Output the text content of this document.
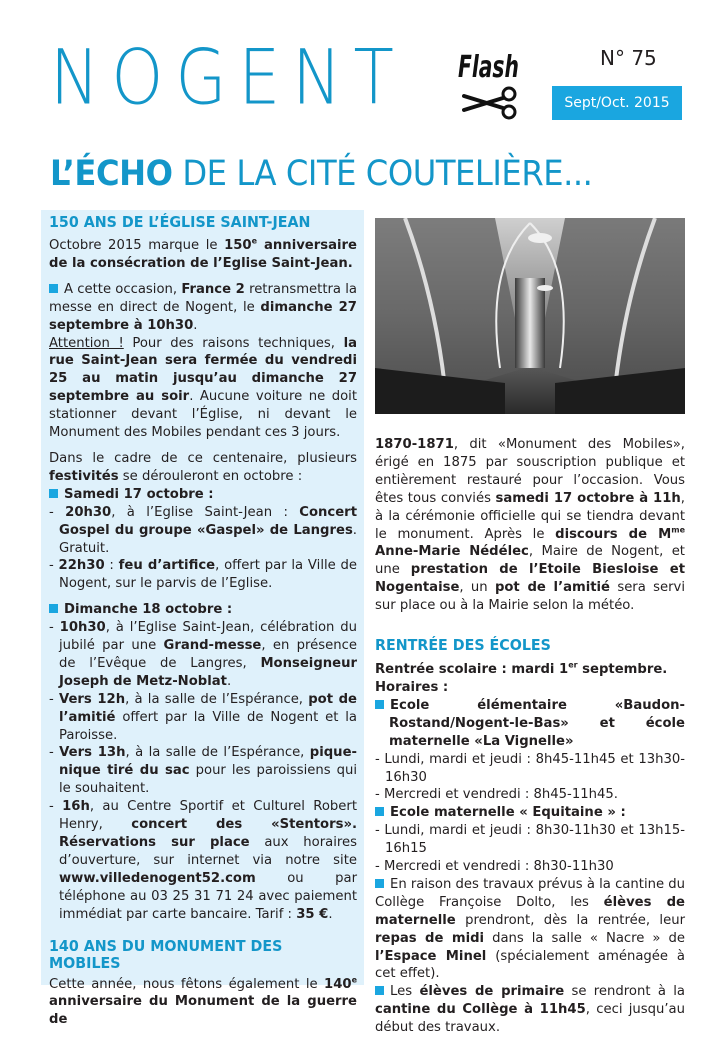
NOGENT Flash	N° 75
Sept/Oct. 2015
L’ÉCHO DE LA CITÉ COUTELIÈRE...
150 ANS DE L’ÉGLISE SAINT-JEAN

Octobre 2015 marque le 150e anniversaire de la consécration de l’Eglise Saint-Jean.

A cette occasion, France 2 retransmettra la messe en direct de Nogent, le dimanche 27 septembre à 10h30.

Attention ! Pour des raisons techniques, la rue Saint-Jean sera fermée du vendredi 25 au matin jusqu’au dimanche 27 septembre au soir. Aucune voiture ne doit stationner devant l’Église, ni devant le Monument des Mobiles pendant ces 3 jours.

Dans le cadre de ce centenaire, plusieurs festivités se dérouleront en octobre :

Samedi 17 octobre :

- 20h30, à l’Eglise Saint-Jean : Concert Gospel du groupe «Gaspel» de Langres. Gratuit.

- 22h30 : feu d’artifice, offert par la Ville de Nogent, sur le parvis de l’Eglise.

Dimanche 18 octobre :

- 10h30, à l’Eglise Saint-Jean, célébration du jubilé par une Grand-messe, en présence de l’Evêque de Langres, Monseigneur Joseph de Metz-Noblat.

- Vers 12h, à la salle de l’Espérance, pot de l’amitié offert par la Ville de Nogent et la Paroisse.

- Vers 13h, à la salle de l’Espérance, pique-nique tiré du sac pour les paroissiens qui le souhaitent.

- 16h, au Centre Sportif et Culturel Robert Henry, concert des «Stentors». Réservations sur place aux horaires d’ouverture, sur internet via notre site www.villedenogent52.com ou par téléphone au 03 25 31 71 24 avec paiement immédiat par carte bancaire. Tarif : 35 €.

140 ANS DU MONUMENT DES MOBILES

Cette année, nous fêtons également le 140e anniversaire du Monument de la guerre de

1870-1871, dit «Monument des Mobiles», érigé en 1875 par souscription publique et entièrement restauré pour l’occasion. Vous êtes tous conviés samedi 17 octobre à 11h, à la cérémonie officielle qui se tiendra devant le monument. Après le discours de $M^{me}$ Anne-Marie Nédélec, Maire de Nogent, et une prestation de l’Etoile Biesloise et Nogentaise, un pot de l’amitié sera servi sur place ou à la Mairie selon la météo.

RENTRÉE DES ÉCOLES

Rentrée scolaire : mardi 1er septembre.

Horaires :

Ecole élémentaire «Baudon-Rostand/Nogent-le-Bas» et école maternelle «La Vignelle»

- Lundi, mardi et jeudi : 8h45-11h45 et 13h30-16h30

- Mercredi et vendredi : 8h45-11h45.

Ecole maternelle « Equitaine » :

- Lundi, mardi et jeudi : 8h30-11h30 et 13h15-16h15

- Mercredi et vendredi : 8h30-11h30

En raison des travaux prévus à la cantine du Collège Françoise Dolto, les élèves de maternelle prendront, dès la rentrée, leur repas de midi dans la salle « Nacre » de l’Espace Minel (spécialement aménagée à cet effet).

Les élèves de primaire se rendront à la cantine du Collège à 11h45, ceci jusqu’au début des travaux.
